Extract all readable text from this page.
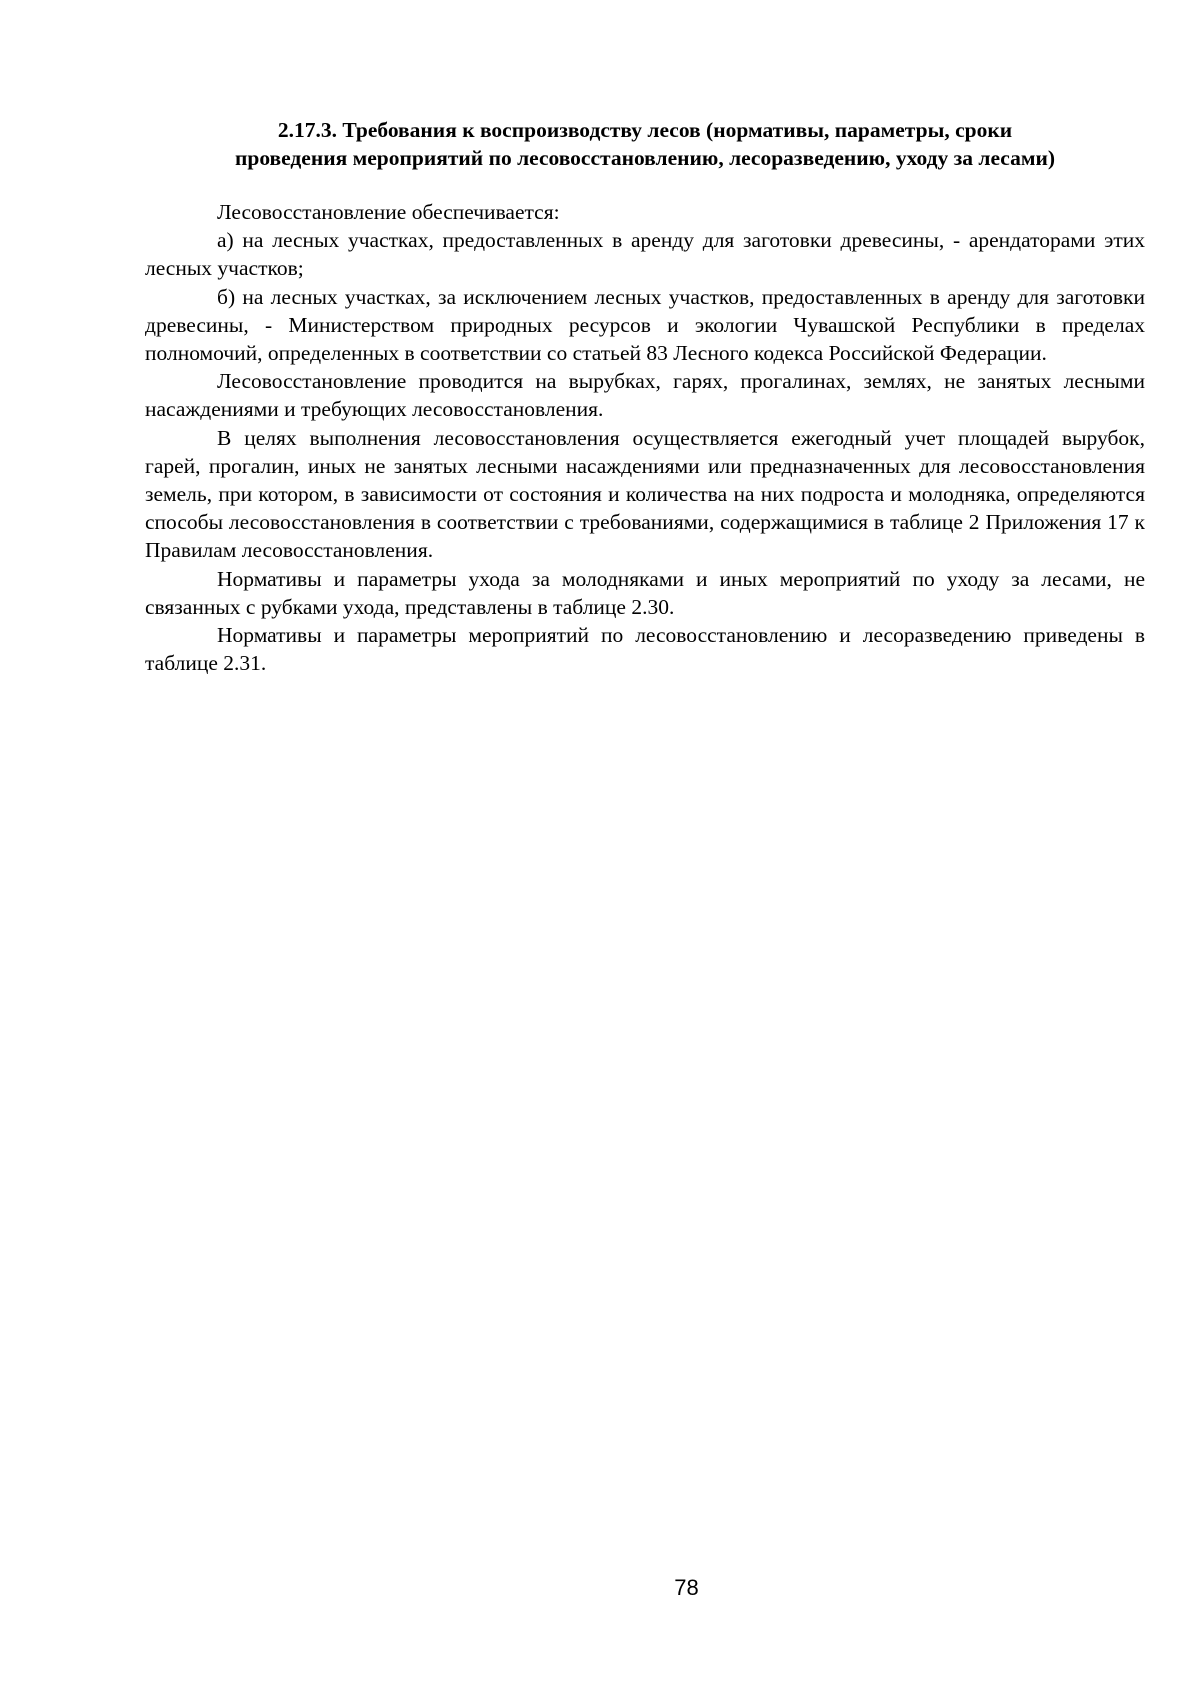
2.17.3. Требования к воспроизводству лесов (нормативы, параметры, сроки
проведения мероприятий по лесовосстановлению, лесоразведению, уходу за лесами)

Лесовосстановление обеспечивается:

а) на лесных участках, предоставленных в аренду для заготовки древесины, - арендаторами этих лесных участков;

б) на лесных участках, за исключением лесных участков, предоставленных в аренду для заготовки древесины, - Министерством природных ресурсов и экологии Чувашской Республики в пределах полномочий, определенных в соответствии со статьей 83 Лесного кодекса Российской Федерации.

Лесовосстановление проводится на вырубках, гарях, прогалинах, землях, не занятых лесными насаждениями и требующих лесовосстановления.

В целях выполнения лесовосстановления осуществляется ежегодный учет площадей вырубок, гарей, прогалин, иных не занятых лесными насаждениями или предназначенных для лесовосстановления земель, при котором, в зависимости от состояния и количества на них подроста и молодняка, определяются способы лесовосстановления в соответствии с требованиями, содержащимися в таблице 2 Приложения 17 к Правилам лесовосстановления.

Нормативы и параметры ухода за молодняками и иных мероприятий по уходу за лесами, не связанных с рубками ухода, представлены в таблице 2.30.

Нормативы и параметры мероприятий по лесовосстановлению и лесоразведению приведены в таблице 2.31.

78
